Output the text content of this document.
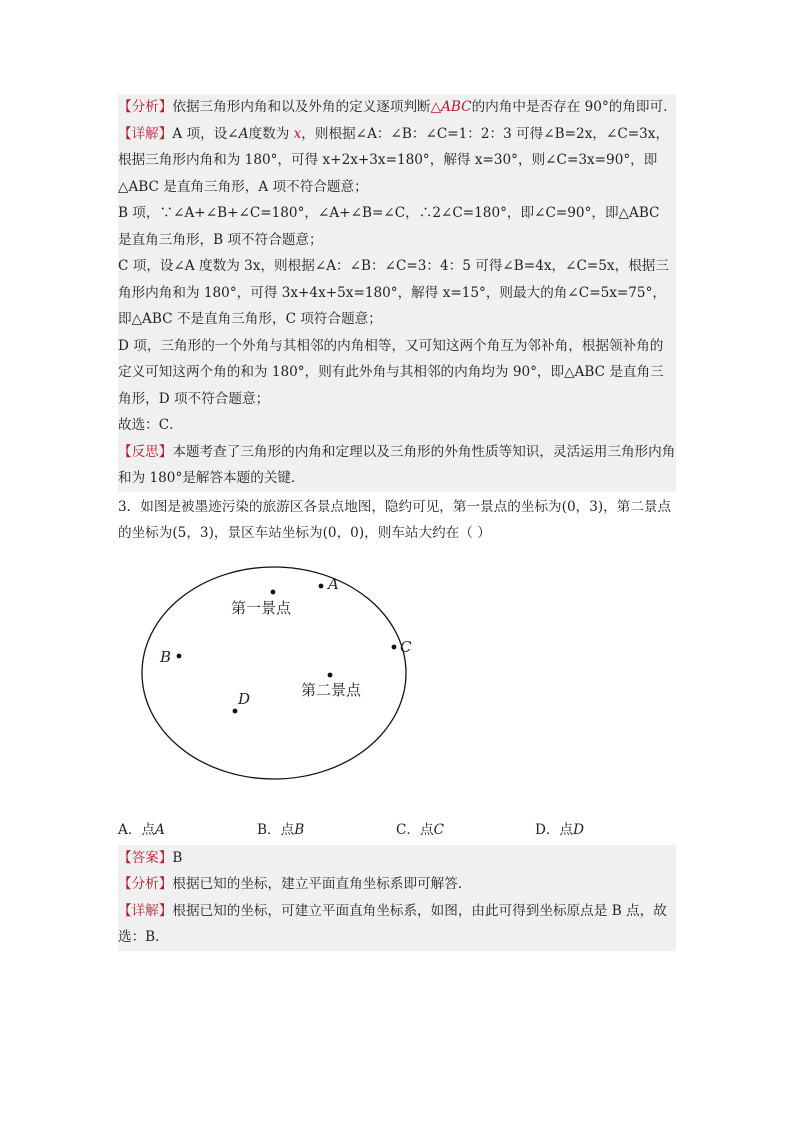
【分析】依据三角形内角和以及外角的定义逐项判断△ABC的内角中是否存在 90°的角即可.
【详解】A 项，设∠A度数为 x，则根据∠A：∠B：∠C=1：2：3 可得∠B=2x，∠C=3x，根据三角形内角和为 180°，可得 x+2x+3x=180°，解得 x=30°，则∠C=3x=90°，即△ABC 是直角三角形，A 项不符合题意；
B 项，∵∠A+∠B+∠C=180°，∠A+∠B=∠C，∴2∠C=180°，即∠C=90°，即△ABC 是直角三角形，B 项不符合题意；
C 项，设∠A 度数为 3x，则根据∠A：∠B：∠C=3：4：5 可得∠B=4x，∠C=5x，根据三角形内角和为 180°，可得 3x+4x+5x=180°，解得 x=15°，则最大的角∠C=5x=75°，即△ABC 不是直角三角形，C 项符合题意；
D 项，三角形的一个外角与其相邻的内角相等，又可知这两个角互为邻补角，根据领补角的定义可知这两个角的和为 180°，则有此外角与其相邻的内角均为 90°，即△ABC 是直角三角形，D 项不符合题意；
故选：C．
【反思】本题考查了三角形的内角和定理以及三角形的外角性质等知识，灵活运用三角形内角和为 180°是解答本题的关键．
3．如图是被墨迹污染的旅游区各景点地图，隐约可见，第一景点的坐标为(0，3)，第二景点的坐标为(5，3)，景区车站坐标为(0，0)，则车站大约在（ ）
A
第一景点
B
C
第二景点
D
A．点A	B．点B	C．点C	D．点D
【答案】B
【分析】根据已知的坐标，建立平面直角坐标系即可解答．
【详解】根据已知的坐标，可建立平面直角坐标系，如图，由此可得到坐标原点是 B 点，故选：B．
